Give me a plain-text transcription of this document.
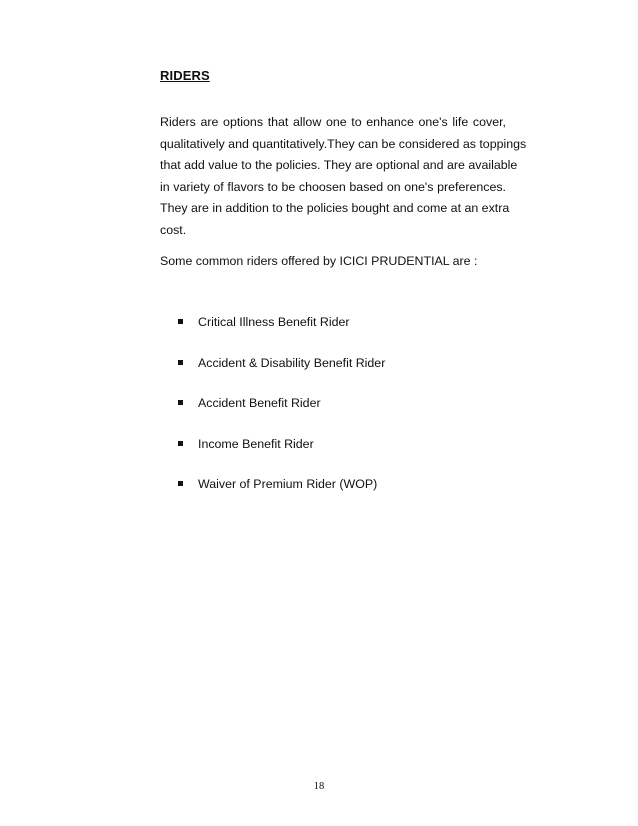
RIDERS
Riders are options that allow one to enhance one's life cover,
qualitatively and quantitatively.They can be considered as toppings
that add value to the policies. They are optional and are available
in variety of flavors to be choosen based on one's preferences.
They are in addition to the policies bought and come at an extra
cost.
Some common riders offered by ICICI PRUDENTIAL are :
Critical Illness Benefit Rider
Accident & Disability Benefit Rider
Accident Benefit Rider
Income Benefit Rider
Waiver of Premium Rider (WOP)
18
